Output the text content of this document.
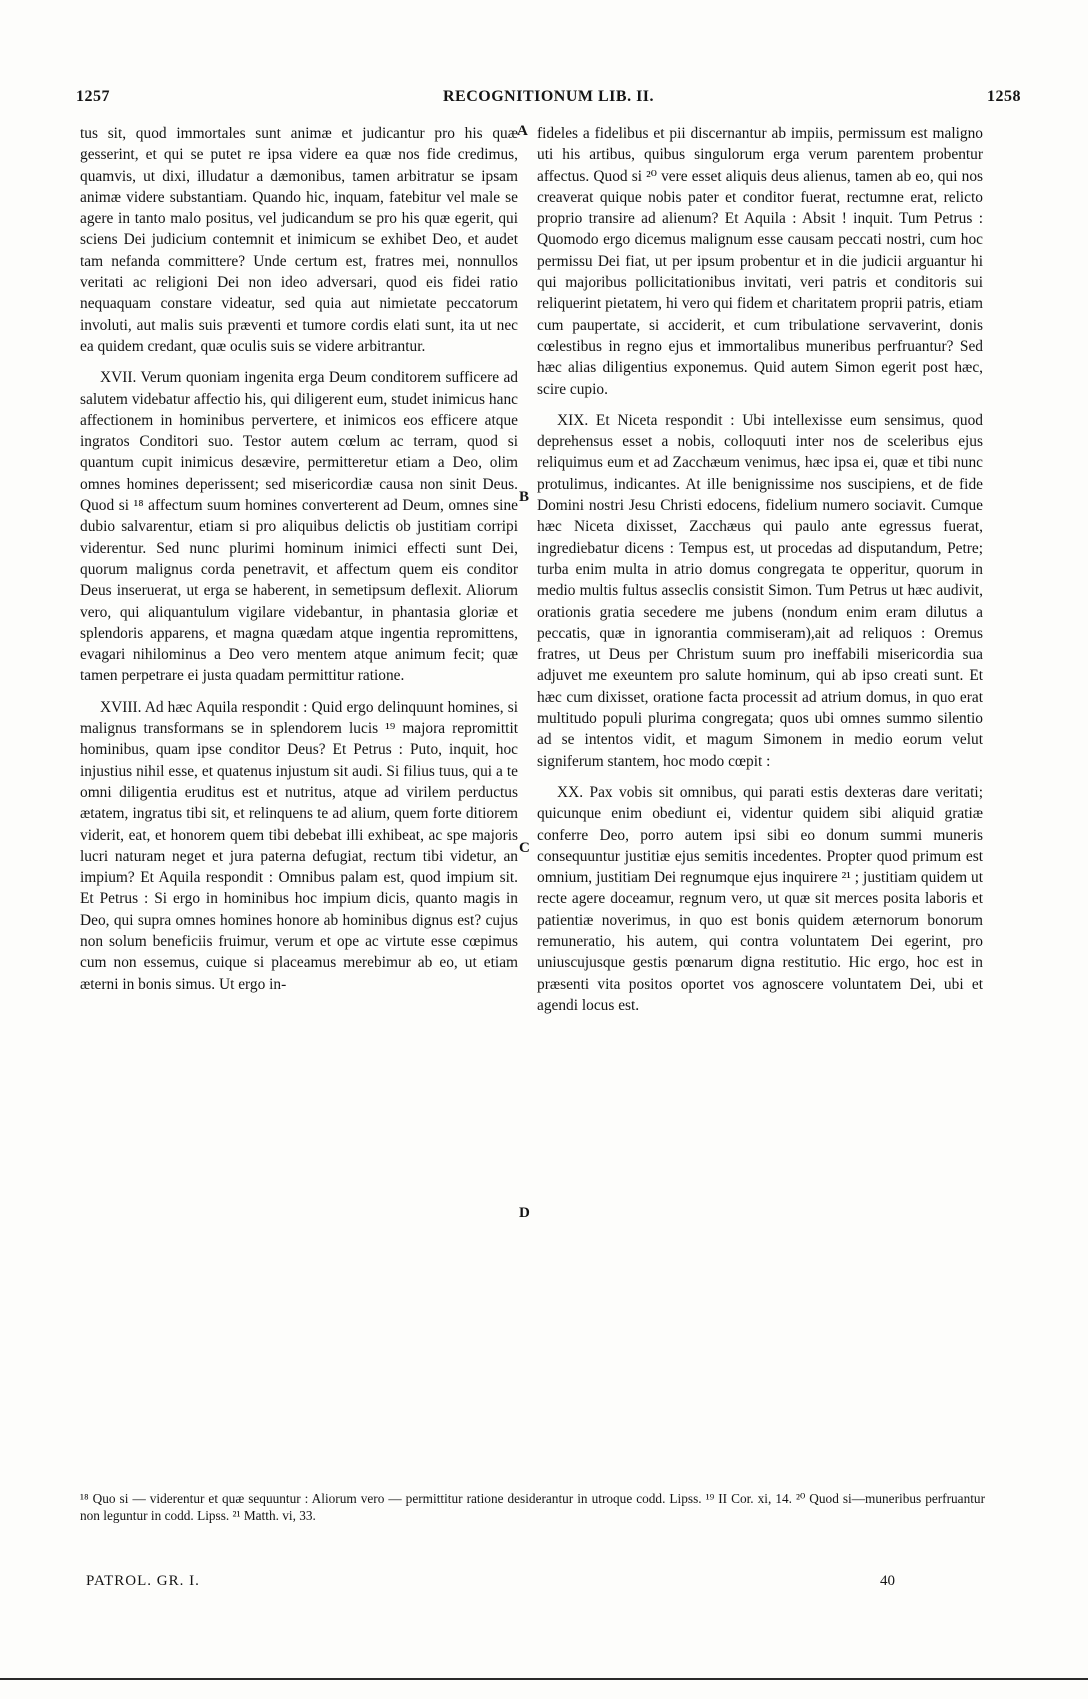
1257	RECOGNITIONUM LIB. II.	1258

tus sit, quod immortales sunt animæ et judicantur pro his quæ gesserint, et qui se putet re ipsa videre ea quæ nos fide credimus, quamvis, ut dixi, illudatur a dæmonibus, tamen arbitratur se ipsam animæ videre substantiam. Quando hic, inquam, fatebitur vel male se agere in tanto malo positus, vel judicandum se pro his quæ egerit, qui sciens Dei judicium contemnit et inimicum se exhibet Deo, et audet tam nefanda committere? Unde certum est, fratres mei, nonnullos veritati ac religioni Dei non ideo adversari, quod eis fidei ratio nequaquam constare videatur, sed quia aut nimietate peccatorum involuti, aut malis suis præventi et tumore cordis elati sunt, ita ut nec ea quidem credant, quæ oculis suis se videre arbitrantur.

XVII. Verum quoniam ingenita erga Deum conditorem sufficere ad salutem videbatur affectio his, qui diligerent eum, studet inimicus hanc affectionem in hominibus pervertere, et inimicos eos efficere atque ingratos Conditori suo. Testor autem cœlum ac terram, quod si quantum cupit inimicus desævire, permitteretur etiam a Deo, olim omnes homines deperissent; sed misericordiæ causa non sinit Deus. Quod si ¹⁸ affectum suum homines converterent ad Deum, omnes sine dubio salvarentur, etiam si pro aliquibus delictis ob justitiam corripi viderentur. Sed nunc plurimi hominum inimici effecti sunt Dei, quorum malignus corda penetravit, et affectum quem eis conditor Deus inseruerat, ut erga se haberent, in semetipsum deflexit. Aliorum vero, qui aliquantulum vigilare videbantur, in phantasia gloriæ et splendoris apparens, et magna quædam atque ingentia repromittens, evagari nihilominus a Deo vero mentem atque animum fecit; quæ tamen perpetrare ei justa quadam permittitur ratione.

XVIII. Ad hæc Aquila respondit : Quid ergo delinquunt homines, si malignus transformans se in splendorem lucis ¹⁹ majora repromittit hominibus, quam ipse conditor Deus? Et Petrus : Puto, inquit, hoc injustius nihil esse, et quatenus injustum sit audi. Si filius tuus, qui a te omni diligentia eruditus est et nutritus, atque ad virilem perductus ætatem, ingratus tibi sit, et relinquens te ad alium, quem forte ditiorem viderit, eat, et honorem quem tibi debebat illi exhibeat, ac spe majoris lucri naturam neget et jura paterna defugiat, rectum tibi videtur, an impium? Et Aquila respondit : Omnibus palam est, quod impium sit. Et Petrus : Si ergo in hominibus hoc impium dicis, quanto magis in Deo, qui supra omnes homines honore ab hominibus dignus est? cujus non solum beneficiis fruimur, verum et ope ac virtute esse cœpimus cum non essemus, cuique si placeamus merebimur ab eo, ut etiam æterni in bonis simus. Ut ergo in-

A
B
C
D

fideles a fidelibus et pii discernantur ab impiis, permissum est maligno uti his artibus, quibus singulorum erga verum parentem probentur affectus. Quod si ²⁰ vere esset aliquis deus alienus, tamen ab eo, qui nos creaverat quique nobis pater et conditor fuerat, rectumne erat, relicto proprio transire ad alienum? Et Aquila : Absit ! inquit. Tum Petrus : Quomodo ergo dicemus malignum esse causam peccati nostri, cum hoc permissu Dei fiat, ut per ipsum probentur et in die judicii arguantur hi qui majoribus pollicitationibus invitati, veri patris et conditoris sui reliquerint pietatem, hi vero qui fidem et charitatem proprii patris, etiam cum paupertate, si acciderit, et cum tribulatione servaverint, donis cœlestibus in regno ejus et immortalibus muneribus perfruantur? Sed hæc alias diligentius exponemus. Quid autem Simon egerit post hæc, scire cupio.

XIX. Et Niceta respondit : Ubi intellexisse eum sensimus, quod deprehensus esset a nobis, colloquuti inter nos de sceleribus ejus reliquimus eum et ad Zacchæum venimus, hæc ipsa ei, quæ et tibi nunc protulimus, indicantes. At ille benignissime nos suscipiens, et de fide Domini nostri Jesu Christi edocens, fidelium numero sociavit. Cumque hæc Niceta dixisset, Zacchæus qui paulo ante egressus fuerat, ingrediebatur dicens : Tempus est, ut procedas ad disputandum, Petre; turba enim multa in atrio domus congregata te opperitur, quorum in medio multis fultus asseclis consistit Simon. Tum Petrus ut hæc audivit, orationis gratia secedere me jubens (nondum enim eram dilutus a peccatis, quæ in ignorantia commiseram),ait ad reliquos : Oremus fratres, ut Deus per Christum suum pro ineffabili misericordia sua adjuvet me exeuntem pro salute hominum, qui ab ipso creati sunt. Et hæc cum dixisset, oratione facta processit ad atrium domus, in quo erat multitudo populi plurima congregata; quos ubi omnes summo silentio ad se intentos vidit, et magum Simonem in medio eorum velut signiferum stantem, hoc modo cœpit :

XX. Pax vobis sit omnibus, qui parati estis dexteras dare veritati; quicunque enim obediunt ei, videntur quidem sibi aliquid gratiæ conferre Deo, porro autem ipsi sibi eo donum summi muneris consequuntur justitiæ ejus semitis incedentes. Propter quod primum est omnium, justitiam Dei regnumque ejus inquirere ²¹ ; justitiam quidem ut recte agere doceamur, regnum vero, ut quæ sit merces posita laboris et patientiæ noverimus, in quo est bonis quidem æternorum bonorum remuneratio, his autem, qui contra voluntatem Dei egerint, pro uniuscujusque gestis pœnarum digna restitutio. Hic ergo, hoc est in præsenti vita positos oportet vos agnoscere voluntatem Dei, ubi et agendi locus est.

¹⁸ Quo si — viderentur et quæ sequuntur : Aliorum vero — permittitur ratione desiderantur in utroque codd. Lipss. ¹⁹ II Cor. xi, 14. ²⁰ Quod si—muneribus perfruantur non leguntur in codd. Lipss. ²¹ Matth. vi, 33.
PATROL. GR. I.	40
